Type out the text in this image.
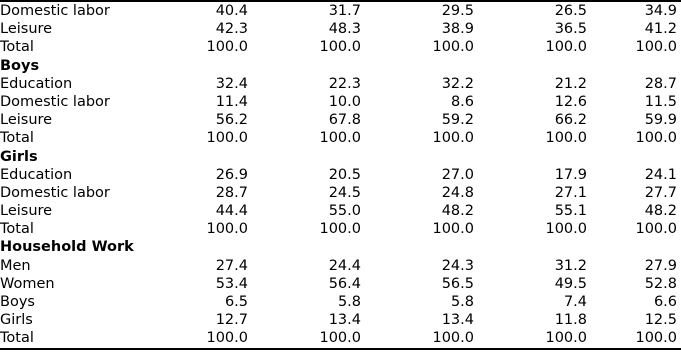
Domestic labor	40.4	31.7	29.5	26.5	34.9
Leisure	42.3	48.3	38.9	36.5	41.2
Total	100.0	100.0	100.0	100.0	100.0
Boys
Education	32.4	22.3	32.2	21.2	28.7
Domestic labor	11.4	10.0	8.6	12.6	11.5
Leisure	56.2	67.8	59.2	66.2	59.9
Total	100.0	100.0	100.0	100.0	100.0
Girls
Education	26.9	20.5	27.0	17.9	24.1
Domestic labor	28.7	24.5	24.8	27.1	27.7
Leisure	44.4	55.0	48.2	55.1	48.2
Total	100.0	100.0	100.0	100.0	100.0
Household Work
Men	27.4	24.4	24.3	31.2	27.9
Women	53.4	56.4	56.5	49.5	52.8
Boys	6.5	5.8	5.8	7.4	6.6
Girls	12.7	13.4	13.4	11.8	12.5
Total	100.0	100.0	100.0	100.0	100.0
